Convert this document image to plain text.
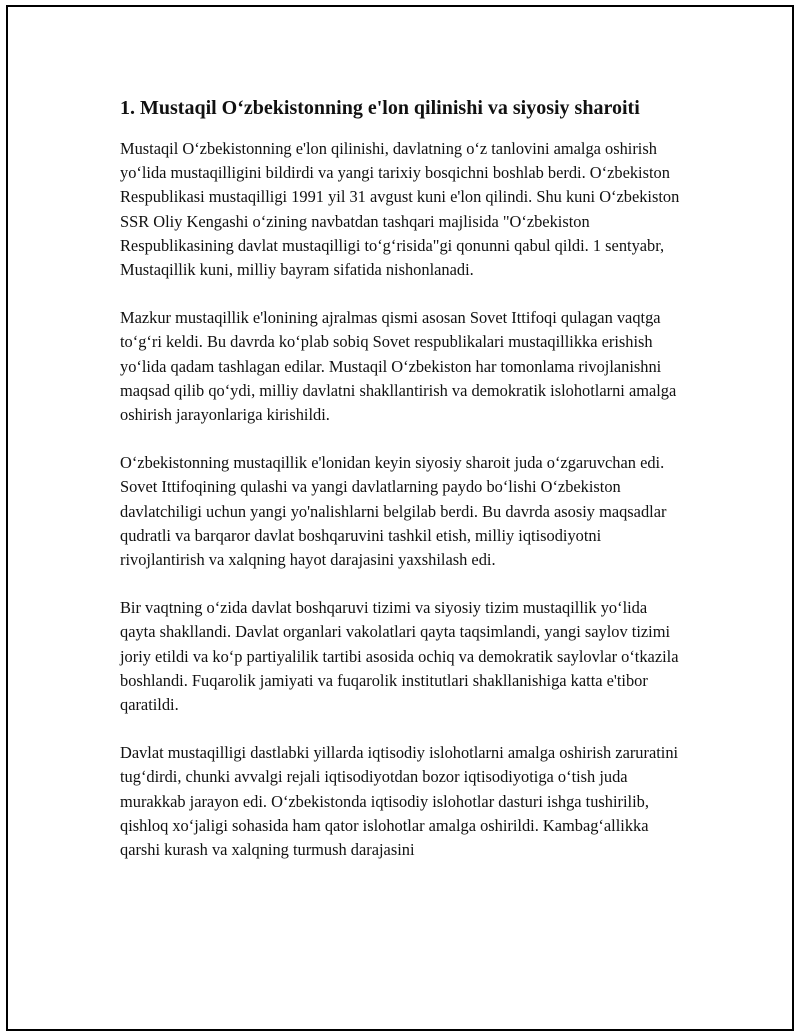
1. Mustaqil O‘zbekistonning e'lon qilinishi va siyosiy sharoiti

Mustaqil O‘zbekistonning e'lon qilinishi, davlatning o‘z tanlovini amalga oshirish yo‘lida mustaqilligini bildirdi va yangi tarixiy bosqichni boshlab berdi. O‘zbekiston Respublikasi mustaqilligi 1991 yil 31 avgust kuni e'lon qilindi. Shu kuni O‘zbekiston SSR Oliy Kengashi o‘zining navbatdan tashqari majlisida "O‘zbekiston Respublikasining davlat mustaqilligi to‘g‘risida"gi qonunni qabul qildi. 1 sentyabr, Mustaqillik kuni, milliy bayram sifatida nishonlanadi.

Mazkur mustaqillik e'lonining ajralmas qismi asosan Sovet Ittifoqi qulagan vaqtga to‘g‘ri keldi. Bu davrda ko‘plab sobiq Sovet respublikalari mustaqillikka erishish yo‘lida qadam tashlagan edilar. Mustaqil O‘zbekiston har tomonlama rivojlanishni maqsad qilib qo‘ydi, milliy davlatni shakllantirish va demokratik islohotlarni amalga oshirish jarayonlariga kirishildi.

O‘zbekistonning mustaqillik e'lonidan keyin siyosiy sharoit juda o‘zgaruvchan edi. Sovet Ittifoqining qulashi va yangi davlatlarning paydo bo‘lishi O‘zbekiston davlatchiligi uchun yangi yo'nalishlarni belgilab berdi. Bu davrda asosiy maqsadlar qudratli va barqaror davlat boshqaruvini tashkil etish, milliy iqtisodiyotni rivojlantirish va xalqning hayot darajasini yaxshilash edi.

Bir vaqtning o‘zida davlat boshqaruvi tizimi va siyosiy tizim mustaqillik yo‘lida qayta shakllandi. Davlat organlari vakolatlari qayta taqsimlandi, yangi saylov tizimi joriy etildi va ko‘p partiyalilik tartibi asosida ochiq va demokratik saylovlar o‘tkazila boshlandi. Fuqarolik jamiyati va fuqarolik institutlari shakllanishiga katta e'tibor qaratildi.

Davlat mustaqilligi dastlabki yillarda iqtisodiy islohotlarni amalga oshirish zaruratini tug‘dirdi, chunki avvalgi rejali iqtisodiyotdan bozor iqtisodiyotiga o‘tish juda murakkab jarayon edi. O‘zbekistonda iqtisodiy islohotlar dasturi ishga tushirilib, qishloq xo‘jaligi sohasida ham qator islohotlar amalga oshirildi. Kambag‘allikka qarshi kurash va xalqning turmush darajasini
